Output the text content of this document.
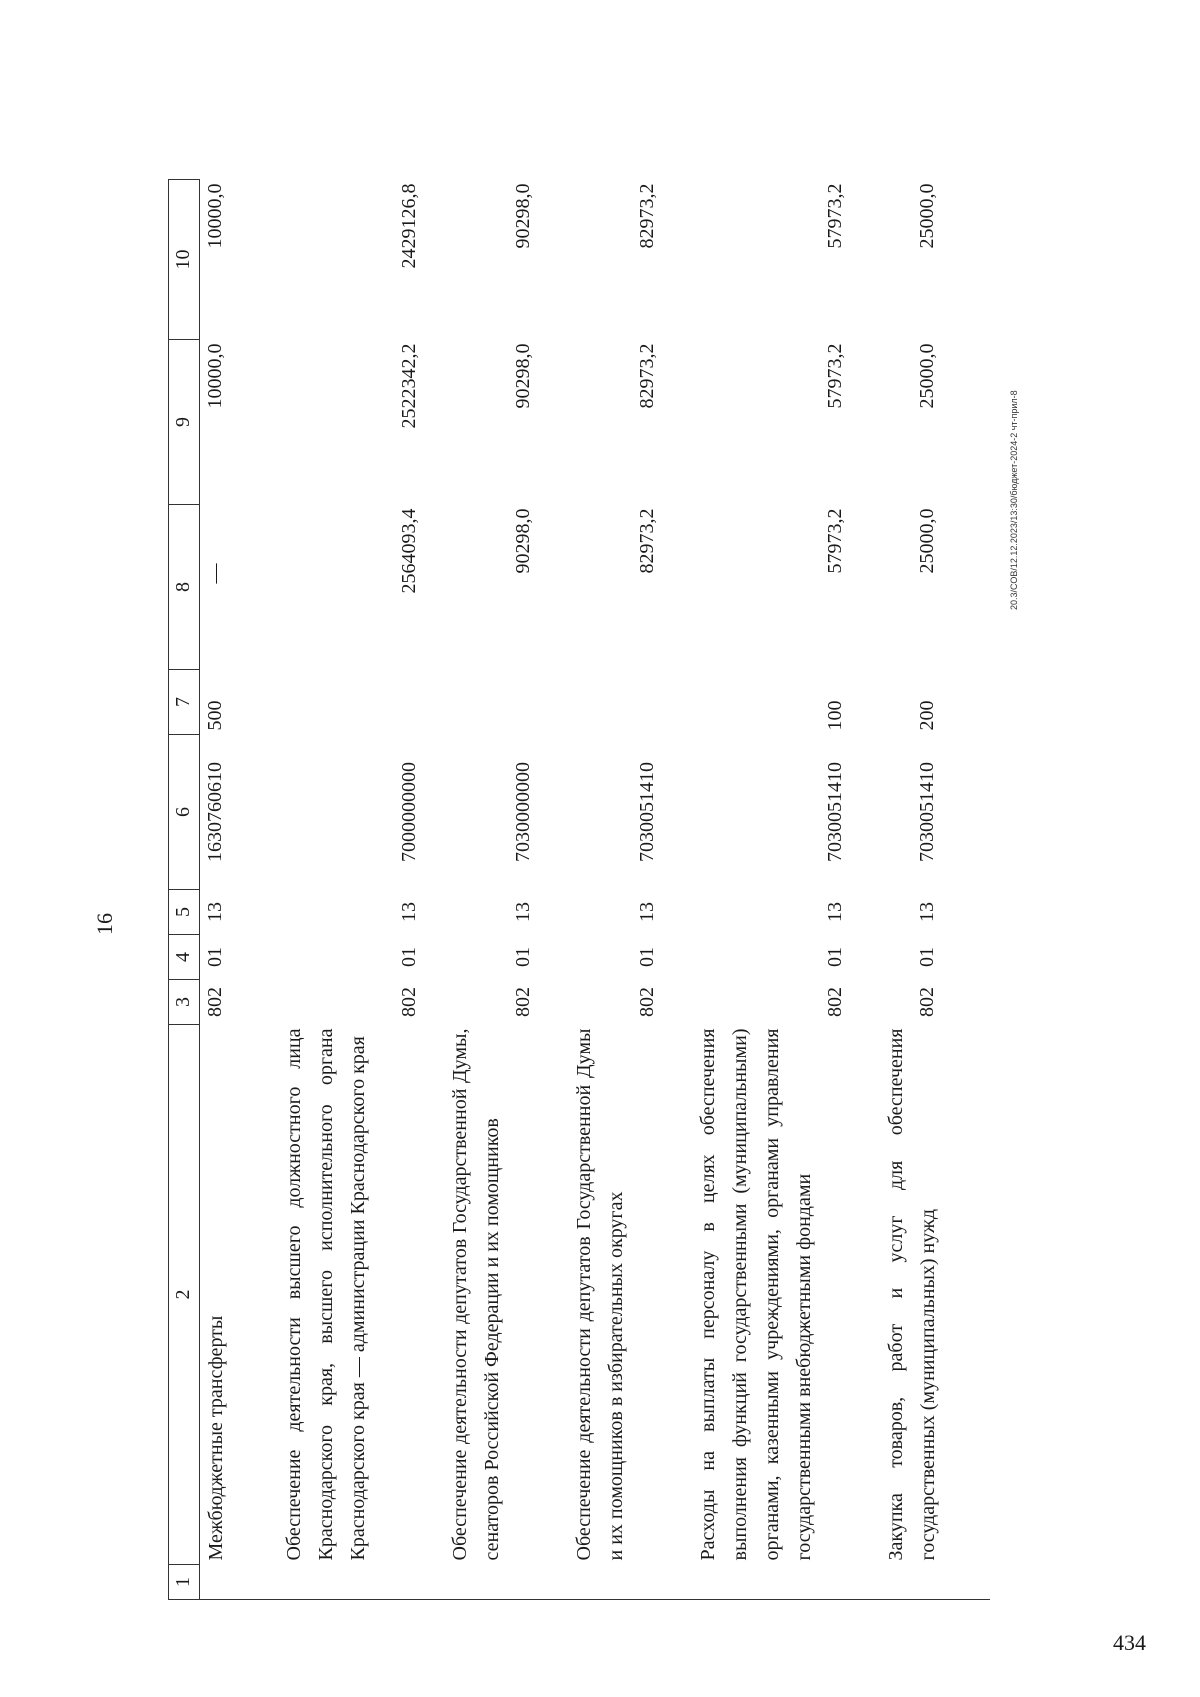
16
1	2	3	4	5	6	7	8	9	10
	Межбюджетные трансферты	802	01	13	1630760610	500	—	10000,0	10000,0
	Обеспечение деятельности высшего должностного лица Краснодарского края, высшего исполнительного органа Краснодарского края — администрации Краснодарского края	802	01	13	7000000000		2564093,4	2522342,2	2429126,8
	Обеспечение деятельности депутатов Государственной Думы, сенаторов Российской Федерации и их помощников	802	01	13	7030000000		90298,0	90298,0	90298,0
	Обеспечение деятельности депутатов Государственной Думы и их помощников в избирательных округах	802	01	13	7030051410		82973,2	82973,2	82973,2
	Расходы на выплаты персоналу в целях обеспечения выполнения функций государственными (муниципальными) органами, казенными учреждениями, органами управления государственными внебюджетными фондами	802	01	13	7030051410	100	57973,2	57973,2	57973,2
	Закупка товаров, работ и услуг для обеспечения государственных (муниципальных) нужд	802	01	13	7030051410	200	25000,0	25000,0	25000,0
20.3/СОВ/12.12.2023/13:30/бюджет-2024-2 чт-прил-8
434
